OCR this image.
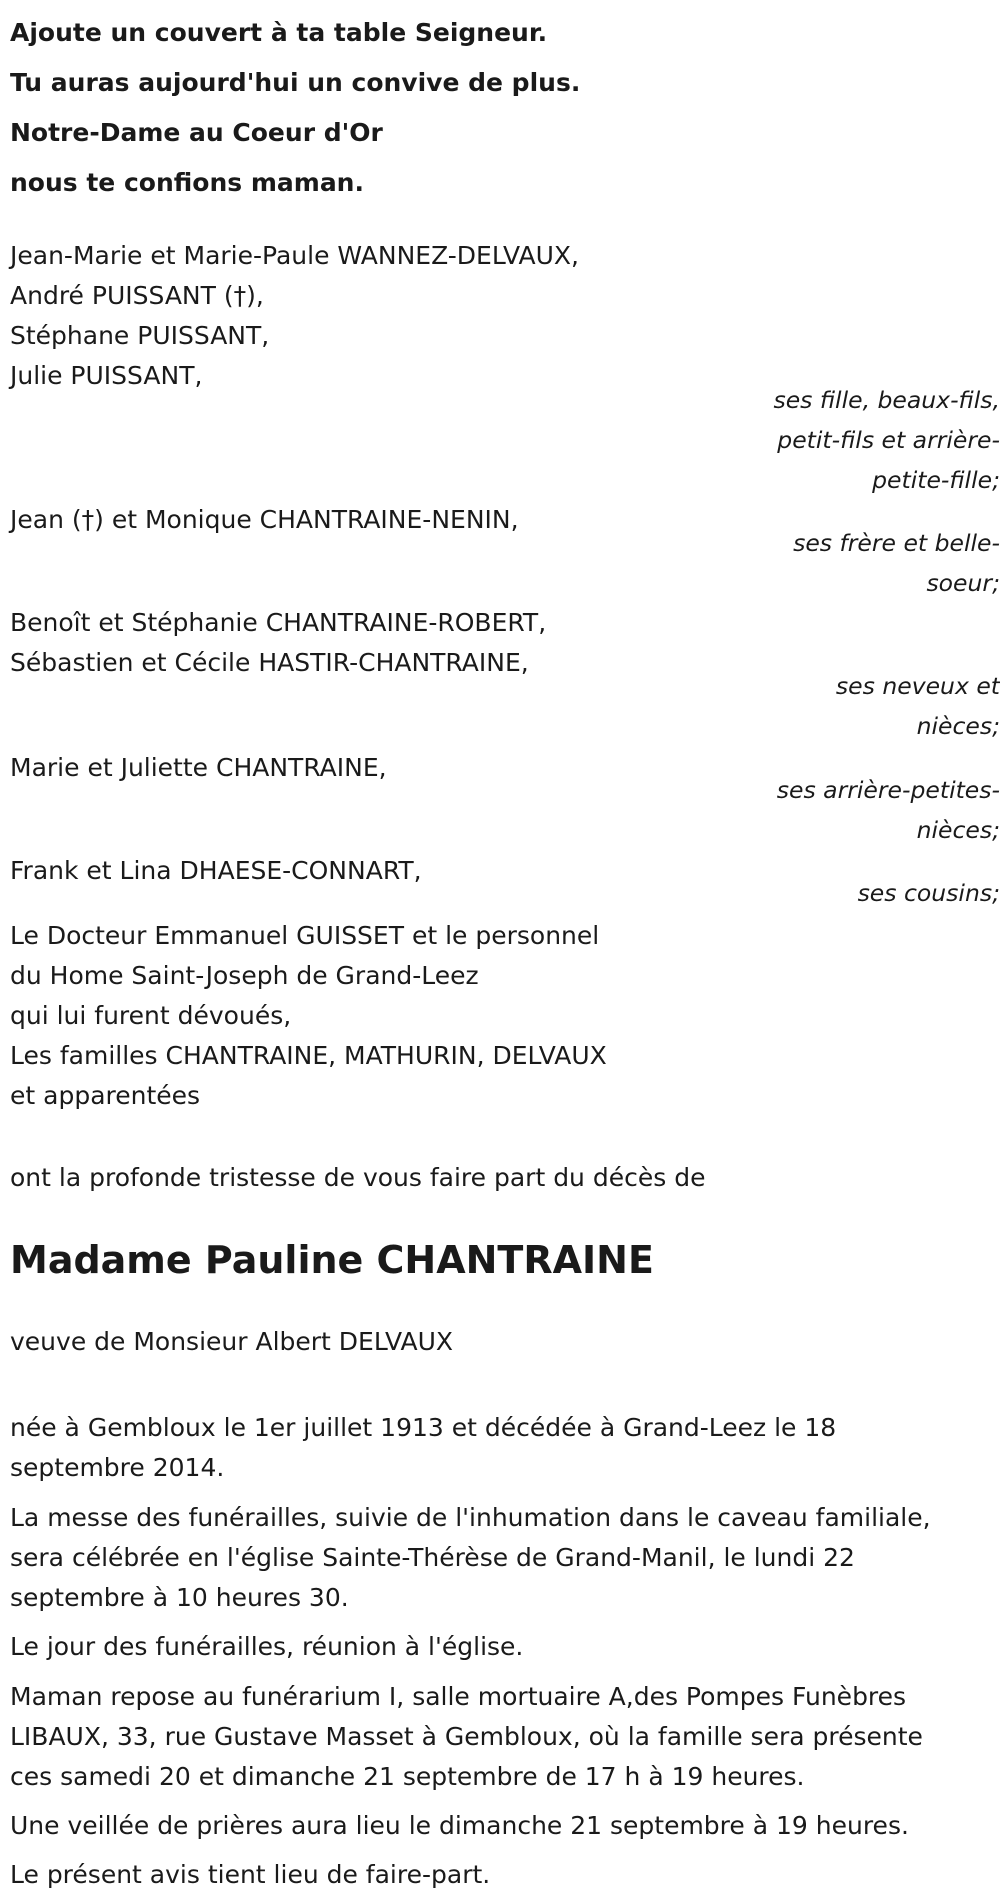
Ajoute un couvert à ta table Seigneur.
Tu auras aujourd'hui un convive de plus.
Notre-Dame au Coeur d'Or
nous te confions maman.
Jean-Marie et Marie-Paule WANNEZ-DELVAUX,
André PUISSANT (†),
Stéphane PUISSANT,
Julie PUISSANT,
ses fille, beaux-fils,
petit-fils et arrière-
petite-fille;
Jean (†) et Monique CHANTRAINE-NENIN,
ses frère et belle-
soeur;
Benoît et Stéphanie CHANTRAINE-ROBERT,
Sébastien et Cécile HASTIR-CHANTRAINE,
ses neveux et
nièces;
Marie et Juliette CHANTRAINE,
ses arrière-petites-
nièces;
Frank et Lina DHAESE-CONNART,
ses cousins;
Le Docteur Emmanuel GUISSET et le personnel
du Home Saint-Joseph de Grand-Leez
qui lui furent dévoués,
Les familles CHANTRAINE, MATHURIN, DELVAUX
et apparentées
ont la profonde tristesse de vous faire part du décès de
Madame Pauline CHANTRAINE
veuve de Monsieur Albert DELVAUX
née à Gembloux le 1er juillet 1913 et décédée à Grand-Leez le 18
septembre 2014.
La messe des funérailles, suivie de l'inhumation dans le caveau familiale,
sera célébrée en l'église Sainte-Thérèse de Grand-Manil, le lundi 22
septembre à 10 heures 30.
Le jour des funérailles, réunion à l'église.
Maman repose au funérarium I, salle mortuaire A,des Pompes Funèbres
LIBAUX, 33, rue Gustave Masset à Gembloux, où la famille sera présente
ces samedi 20 et dimanche 21 septembre de 17 h à 19 heures.
Une veillée de prières aura lieu le dimanche 21 septembre à 19 heures.
Le présent avis tient lieu de faire-part.
